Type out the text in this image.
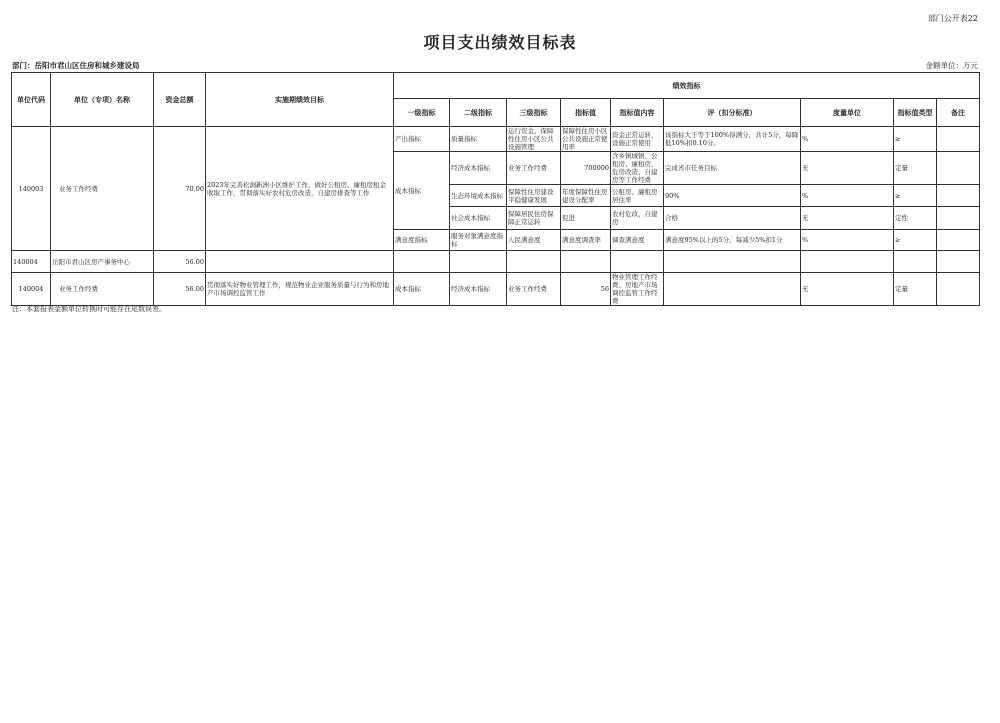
部门公开表22
项目支出绩效目标表
部门：岳阳市君山区住房和城乡建设局	金额单位：万元
单位代码	单位（专项）名称	资金总额	实施期绩效目标	绩效指标								
				一级指标	二级指标	三级指标	指标值	指标值内容	评（扣分标准）	度量单位	指标值类型	备注
140003	业务工作经费	70.00	2023年完善松涧新洲小区维护工作，做好公租房、廉租房租金收取工作，贯彻落实好农村危房改造，自建房排查等工作	产出指标	质量指标	运行资金，保障性住房小区公共设施管理	保障性住房小区公共设施正常使用率	资金正常运转，设施正常使用	该指标大于等于100%得满分，共计5分，每降低10%扣0.10分。	%	≥	
				成本指标	经济成本指标	业务工作经费	700000	含乡镇城镇、公租房、廉租房、危房改造、自建房等工作经费	完成省市任务目标	无	定量	
					生态环境成本指标	保障性住房建设平稳健康发展	年度保障性住房建设分配率	公租房、廉租房居住率	90%	%	≥	
					社会成本指标	保障居民住房保障正常运转	促进	农村危改、自建房	合格	无	定性	
				满意度指标	服务对象满意度指标	人民满意度	满意度调查率	调查满意度	满意度95%以上的5分，每减少5%扣1分	%	≥	
140004	岳阳市君山区房产事务中心	56.00										
140004	业务工作经费	56.00	贯彻落实好物业管理工作，规范物业企业服务质量与行为和房地产市场调控监管工作	成本指标	经济成本指标	业务工作经费	56	物业管理工作经费、房地产市场调控监管工作经费		无	定量	
注：本套报表金额单位转换时可能存在尾数误差。
